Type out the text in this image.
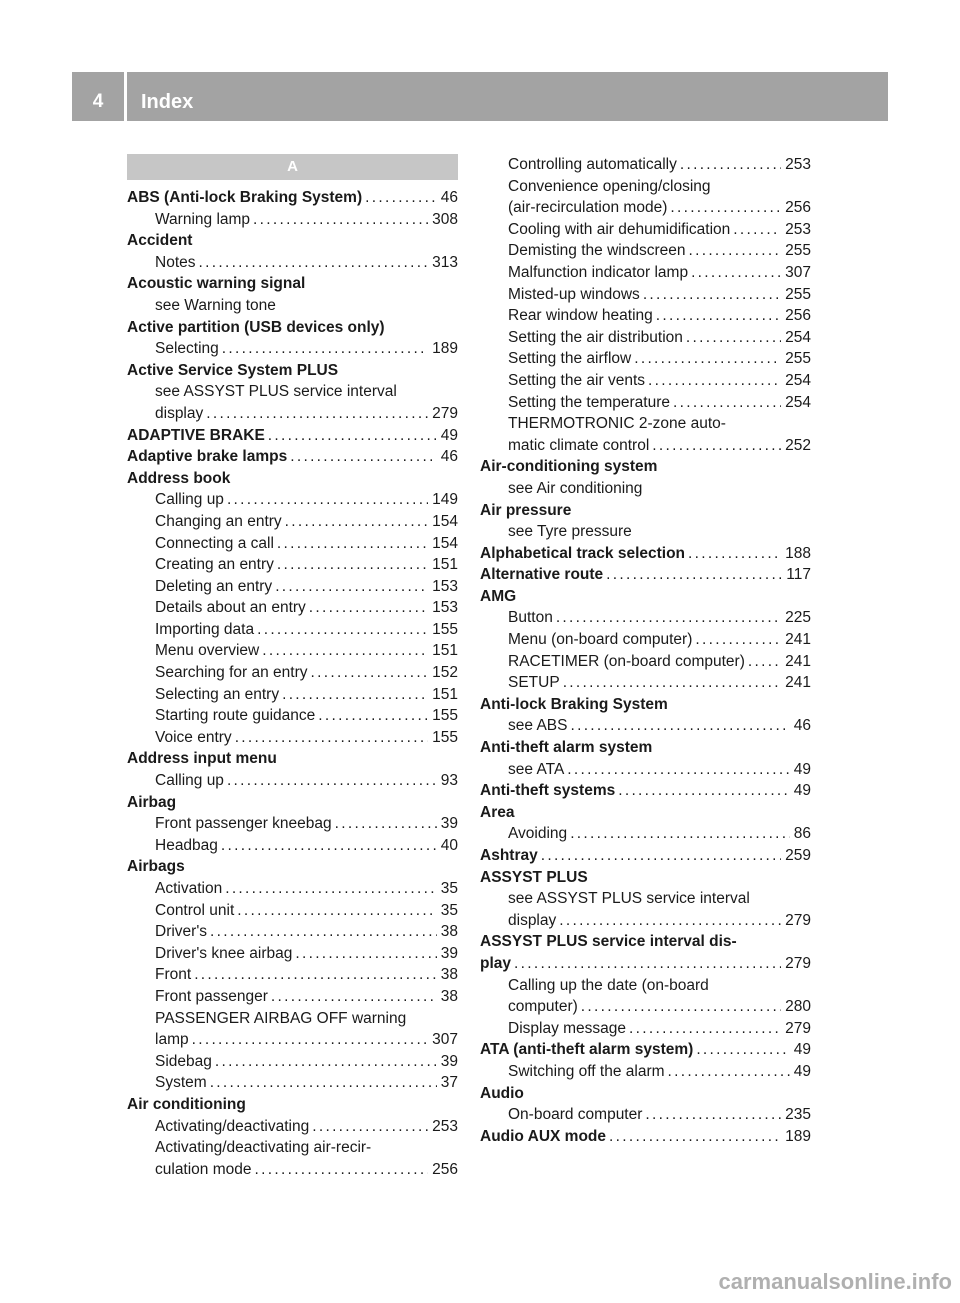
4	Index
A
ABS (Anti-lock Braking System) . . .	46
Warning lamp . . .	308
Accident
Notes . . .	313
Acoustic warning signal
see Warning tone
Active partition (USB devices only)
Selecting . . .	189
Active Service System PLUS
see ASSYST PLUS service interval
display . . .	279
ADAPTIVE BRAKE . . .	49
Adaptive brake lamps . . .	46
Address book
Calling up . . .	149
Changing an entry . . .	154
Connecting a call . . .	154
Creating an entry . . .	151
Deleting an entry . . .	153
Details about an entry . . .	153
Importing data . . .	155
Menu overview . . .	151
Searching for an entry . . .	152
Selecting an entry . . .	151
Starting route guidance . . .	155
Voice entry . . .	155
Address input menu
Calling up . . .	93
Airbag
Front passenger kneebag . . .	39
Headbag . . .	40
Airbags
Activation . . .	35
Control unit . . .	35
Driver's . . .	38
Driver's knee airbag . . .	39
Front . . .	38
Front passenger . . .	38
PASSENGER AIRBAG OFF warning
lamp . . .	307
Sidebag . . .	39
System . . .	37
Air conditioning
Activating/deactivating . . .	253
Activating/deactivating air-recir-
culation mode . . .	256
Controlling automatically . . .	253
Convenience opening/closing
(air-recirculation mode) . . .	256
Cooling with air dehumidification . . .	253
Demisting the windscreen . . .	255
Malfunction indicator lamp . . .	307
Misted-up windows . . .	255
Rear window heating . . .	256
Setting the air distribution . . .	254
Setting the airflow . . .	255
Setting the air vents . . .	254
Setting the temperature . . .	254
THERMOTRONIC 2-zone auto-
matic climate control . . .	252
Air-conditioning system
see Air conditioning
Air pressure
see Tyre pressure
Alphabetical track selection . . .	188
Alternative route . . .	117
AMG
Button . . .	225
Menu (on-board computer) . . .	241
RACETIMER (on-board computer) . . .	241
SETUP . . .	241
Anti-lock Braking System
see ABS . . .	46
Anti-theft alarm system
see ATA . . .	49
Anti-theft systems . . .	49
Area
Avoiding . . .	86
Ashtray . . .	259
ASSYST PLUS
see ASSYST PLUS service interval
display . . .	279
ASSYST PLUS service interval dis-
play . . .	279
Calling up the date (on-board
computer) . . .	280
Display message . . .	279
ATA (anti-theft alarm system) . . .	49
Switching off the alarm . . .	49
Audio
On-board computer . . .	235
Audio AUX mode . . .	189
carmanualsonline.info
